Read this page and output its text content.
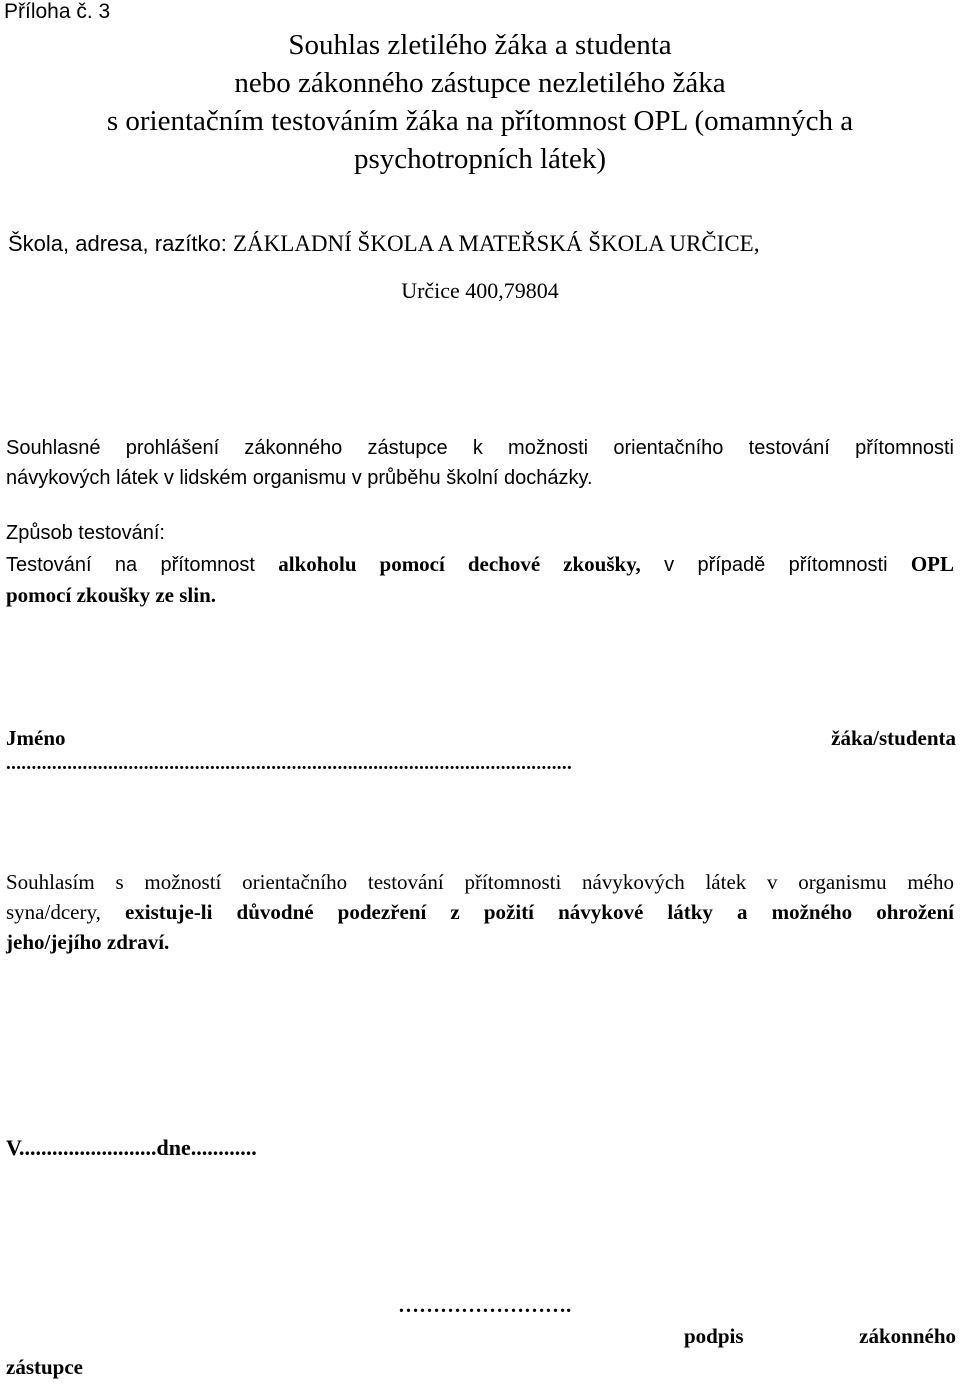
Příloha č. 3
Souhlas zletilého žáka a studenta
nebo zákonného zástupce nezletilého žáka
s orientačním testováním žáka na přítomnost OPL (omamných a
psychotropních látek)
Škola, adresa, razítko: ZÁKLADNÍ ŠKOLA A MATEŘSKÁ ŠKOLA URČICE,
Určice 400,79804
Souhlasné prohlášení zákonného zástupce k možnosti orientačního testování přítomnosti
návykových látek v lidském organismu v průběhu školní docházky.
Způsob testování:
Testování na přítomnost alkoholu pomocí dechové zkoušky, v případě přítomnosti OPL
pomocí zkoušky ze slin.
Jméno	žáka/studenta
...............................................................................................................
Souhlasím s možností orientačního testování přítomnosti návykových látek v organismu mého
syna/dcery, existuje-li důvodné podezření z požití návykové látky a možného ohrožení
jeho/jejího zdraví.
V.........................dne............
…………………….
podpis	zákonného
zástupce
